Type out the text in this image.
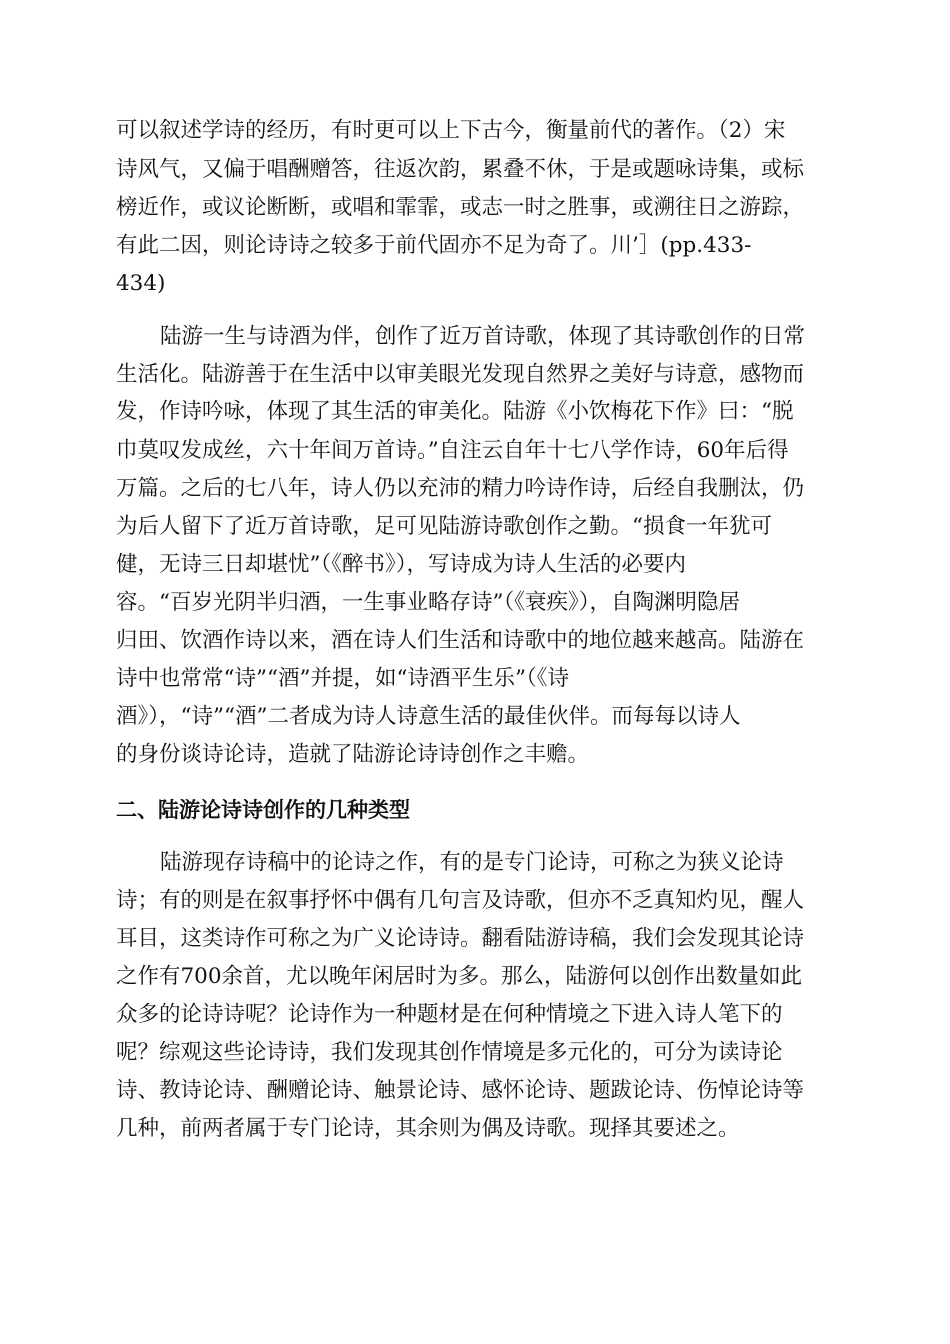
可以叙述学诗的经历，有时更可以上下古今，衡量前代的著作。（2）宋

诗风气，又偏于唱酬赠答，往返次韵，累叠不休，于是或题咏诗集，或标

榜近作，或议论断断，或唱和霏霏，或志一时之胜事，或溯往日之游踪，

有此二因，则论诗诗之较多于前代固亦不足为奇了。川’］(pp.433-

434)

陆游一生与诗酒为伴，创作了近万首诗歌，体现了其诗歌创作的日常

生活化。陆游善于在生活中以审美眼光发现自然界之美好与诗意，感物而

发，作诗吟咏，体现了其生活的审美化。陆游《小饮梅花下作》曰：“脱

巾莫叹发成丝，六十年间万首诗。”自注云自年十七八学作诗，60年后得

万篇。之后的七八年，诗人仍以充沛的精力吟诗作诗，后经自我删汰，仍

为后人留下了近万首诗歌，足可见陆游诗歌创作之勤。“损食一年犹可

健，无诗三日却堪忧”（《醉书》），写诗成为诗人生活的必要内

容。“百岁光阴半归酒，一生事业略存诗”（《衰疾》），自陶渊明隐居

归田、饮酒作诗以来，酒在诗人们生活和诗歌中的地位越来越高。陆游在

诗中也常常“诗”“酒”并提，如“诗酒平生乐”（《诗

酒》），“诗”“酒”二者成为诗人诗意生活的最佳伙伴。而每每以诗人

的身份谈诗论诗，造就了陆游论诗诗创作之丰赡。

二、陆游论诗诗创作的几种类型

陆游现存诗稿中的论诗之作，有的是专门论诗，可称之为狭义论诗

诗；有的则是在叙事抒怀中偶有几句言及诗歌，但亦不乏真知灼见，醒人

耳目，这类诗作可称之为广义论诗诗。翻看陆游诗稿，我们会发现其论诗

之作有700余首，尤以晚年闲居时为多。那么，陆游何以创作出数量如此

众多的论诗诗呢？论诗作为一种题材是在何种情境之下进入诗人笔下的

呢？综观这些论诗诗，我们发现其创作情境是多元化的，可分为读诗论

诗、教诗论诗、酬赠论诗、触景论诗、感怀论诗、题跋论诗、伤悼论诗等

几种，前两者属于专门论诗，其余则为偶及诗歌。现择其要述之。
